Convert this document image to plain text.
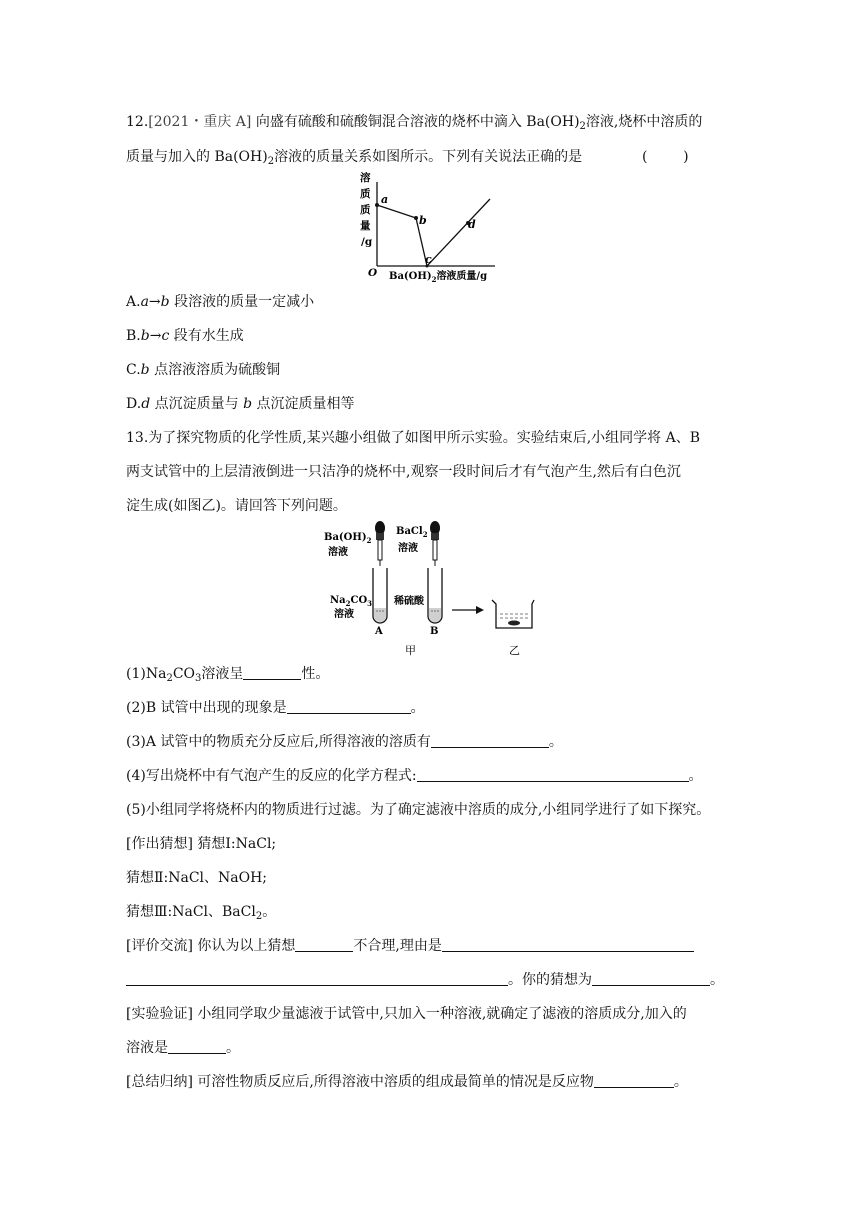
12.[2021・重庆 A] 向盛有硫酸和硫酸铜混合溶液的烧杯中滴入 $Ba(OH)_2$溶液,烧杯中溶质的
质量与加入的 $Ba(OH)_2$溶液的质量关系如图所示。下列有关说法正确的是	(        )
溶
质
质
量
/g
O $Ba(OH)_2$溶液质量/g
a
b
c
d
A.a→b 段溶液的质量一定减小
B.b→c 段有水生成
C.b 点溶液溶质为硫酸铜
D.d 点沉淀质量与 b 点沉淀质量相等
13.为了探究物质的化学性质,某兴趣小组做了如图甲所示实验。实验结束后,小组同学将 A、B
两支试管中的上层清液倒进一只洁净的烧杯中,观察一段时间后才有气泡产生,然后有白色沉
淀生成(如图乙)。请回答下列问题。
$Ba(OH)_2$
溶液
BaCl$_2$
溶液
$Na_2CO_3$
溶液
稀硫酸
A	B
甲	乙
$(1)Na_2CO_3$溶液呈	性。
(2)B 试管中出现的现象是	。
(3)A 试管中的物质充分反应后,所得溶液的溶质有	。
(4)写出烧杯中有气泡产生的反应的化学方程式:	。
(5)小组同学将烧杯内的物质进行过滤。为了确定滤液中溶质的成分,小组同学进行了如下探究。
[作出猜想] 猜想Ⅰ:NaCl;
猜想Ⅱ:NaCl、NaOH;
猜想Ⅲ:NaCl、BaCl$_2$。
[评价交流] 你认为以上猜想	不合理,理由是
。你的猜想为	。
[实验验证] 小组同学取少量滤液于试管中,只加入一种溶液,就确定了滤液的溶质成分,加入的
溶液是	。
[总结归纳] 可溶性物质反应后,所得溶液中溶质的组成最简单的情况是反应物	。
